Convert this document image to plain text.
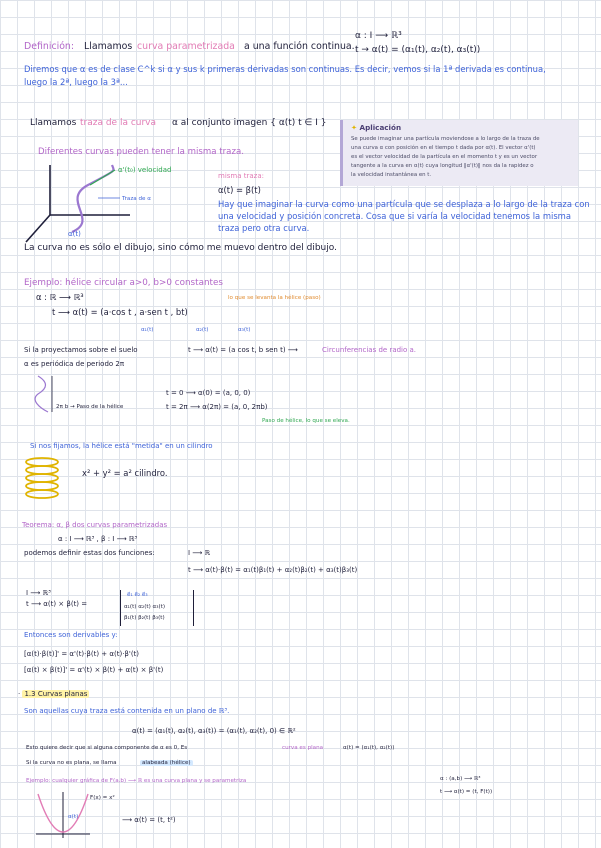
Definición: Llamamos curva parametrizada a una función continua.
α : I ⟶ ℝ³
t → α(t) = (α₁(t), α₂(t), α₃(t))
Diremos que α es de clase C^k si α y sus k primeras derivadas son continuas. Es decir, vemos si la 1ª derivada es continua,
luego la 2ª, luego la 3ª...
Llamamos traza de la curva α al conjunto imagen { α(t) t ∈ I }	✦ Aplicación
Se puede imaginar una partícula moviendose a lo largo de la traza de
una curva α con posición en el tiempo t dada por α(t). El vector α'(t)
es el vector velocidad de la partícula en el momento t y es un vector
tangente a la curva en α(t) cuya longitud ‖α'(t)‖ nos da la rapidez o
la velocidad instantánea en t.
Diferentes curvas pueden tener la misma traza.
α'(t₀) velocidad
Traza de α
α(t)
misma traza:
α(t) = β(t)
Hay que imaginar la curva como una partícula que se desplaza a lo largo de la traza con
una velocidad y posición concreta. Cosa que si varía la velocidad tenemos la misma
traza pero otra curva.
La curva no es sólo el dibujo, sino cómo me muevo dentro del dibujo.
Ejemplo: hélice circular a>0, b>0 constantes
α : ℝ ⟶ ℝ³
t ⟶ α(t) = (a·cos t , a·sen t , bt)
lo que se levanta la hélice (paso)
α₁(t)	α₂(t)	α₃(t)
Si la proyectamos sobre el suelo	t ⟶ α(t) = (a cos t, b sen t) ⟶	Circunferencias de radio a.
α es periódica de periodo 2π
2π b → Paso de la hélice
t = 0 ⟶ α(0) = (a, 0, 0)
t = 2π ⟶ α(2π) = (a, 0, 2πb)
Paso de hélice, lo que se eleva.
Si nos fijamos, la hélice está "metida" en un cilindro
x² + y² = a² cilindro.
Teorema: α, β dos curvas parametrizadas
α : I ⟶ ℝ³ , β : I ⟶ ℝ³
podemos definir estas dos funciones:	I ⟶ ℝ
t ⟶ α(t)·β(t) = α₁(t)β₁(t) + α₂(t)β₂(t) + α₃(t)β₃(t)
I ⟶ ℝ³
t ⟶ α(t) × β(t) =
e⃗₁ e⃗₂ e⃗₃
α₁(t) α₂(t) α₃(t)
β₁(t) β₂(t) β₃(t)
Entonces son derivables y:
[α(t)·β(t)]' = α'(t)·β(t) + α(t)·β'(t)
[α(t) × β(t)]' = α'(t) × β(t) + α(t) × β'(t)
· 1.3 Curvas planas
Son aquellas cuya traza está contenida en un plano de ℝ³.
α(t) = (α₁(t), α₂(t), α₃(t)) = (α₁(t), α₂(t), 0) ∈ ℝ²
Esto quiere decir que si alguna componente de α es 0, Es	curva es plana	α(t) = (α₁(t), α₂(t))
Si la curva no es plana, se llama	alabeada (hélice)
Ejemplo: cualquier gráfica de F(a,b) ⟶ ℝ es una curva plana y se parametriza	α : (a,b) ⟶ ℝ³
t ⟶ α(t) = (t, F(t))
F(x) = x²
α(t)	⟶ α(t) = (t, t²)
